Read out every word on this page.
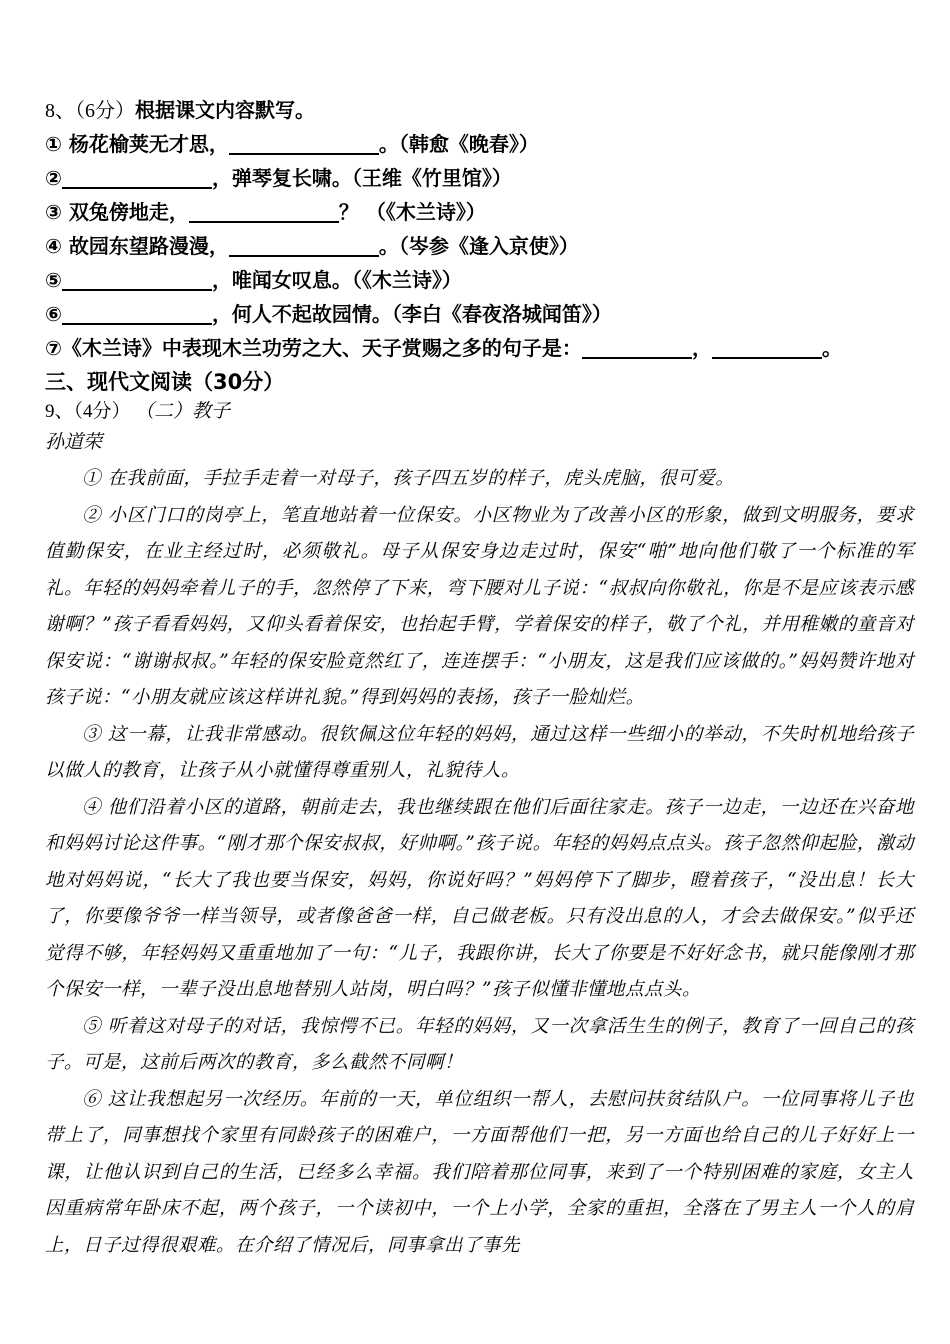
8、（6分）根据课文内容默写。
① 杨花榆荚无才思，	。（韩愈《晚春》）
②	，弹琴复长啸。（王维《竹里馆》）
③ 双兔傍地走，	？ （《木兰诗》）
④ 故园东望路漫漫，	。（岑参《逢入京使》）
⑤	，唯闻女叹息。（《木兰诗》）
⑥	，何人不起故园情。（李白《春夜洛城闻笛》）
⑦《木兰诗》中表现木兰功劳之大、天子赏赐之多的句子是：	，	。
三、现代文阅读（30分）
9、（4分） （二）教子
孙道荣

① 在我前面，手拉手走着一对母子，孩子四五岁的样子，虎头虎脑，很可爱。

② 小区门口的岗亭上，笔直地站着一位保安。小区物业为了改善小区的形象，做到文明服务，要求值勤保安，在业主经过时，必须敬礼。母子从保安身边走过时，保安“啪”地向他们敬了一个标准的军礼。年轻的妈妈牵着儿子的手，忽然停了下来，弯下腰对儿子说：“叔叔向你敬礼，你是不是应该表示感谢啊？”孩子看看妈妈，又仰头看着保安，也抬起手臂，学着保安的样子，敬了个礼，并用稚嫩的童音对保安说：“谢谢叔叔。”年轻的保安脸竟然红了，连连摆手：“小朋友，这是我们应该做的。”妈妈赞许地对孩子说：“小朋友就应该这样讲礼貌。”得到妈妈的表扬，孩子一脸灿烂。

③ 这一幕，让我非常感动。很钦佩这位年轻的妈妈，通过这样一些细小的举动，不失时机地给孩子以做人的教育，让孩子从小就懂得尊重别人，礼貌待人。

④ 他们沿着小区的道路，朝前走去，我也继续跟在他们后面往家走。孩子一边走，一边还在兴奋地和妈妈讨论这件事。“刚才那个保安叔叔，好帅啊。”孩子说。年轻的妈妈点点头。孩子忽然仰起脸，激动地对妈妈说，“长大了我也要当保安，妈妈，你说好吗？”妈妈停下了脚步，瞪着孩子，“没出息！长大了，你要像爷爷一样当领导，或者像爸爸一样，自己做老板。只有没出息的人，才会去做保安。”似乎还觉得不够，年轻妈妈又重重地加了一句：“儿子，我跟你讲，长大了你要是不好好念书，就只能像刚才那个保安一样，一辈子没出息地替别人站岗，明白吗？”孩子似懂非懂地点点头。

⑤ 听着这对母子的对话，我惊愕不已。年轻的妈妈，又一次拿活生生的例子，教育了一回自己的孩子。可是，这前后两次的教育，多么截然不同啊！

⑥ 这让我想起另一次经历。年前的一天，单位组织一帮人，去慰问扶贫结队户。一位同事将儿子也带上了，同事想找个家里有同龄孩子的困难户，一方面帮他们一把，另一方面也给自己的儿子好好上一课，让他认识到自己的生活，已经多么幸福。我们陪着那位同事，来到了一个特别困难的家庭，女主人因重病常年卧床不起，两个孩子，一个读初中，一个上小学，全家的重担，全落在了男主人一个人的肩上，日子过得很艰难。在介绍了情况后，同事拿出了事先
